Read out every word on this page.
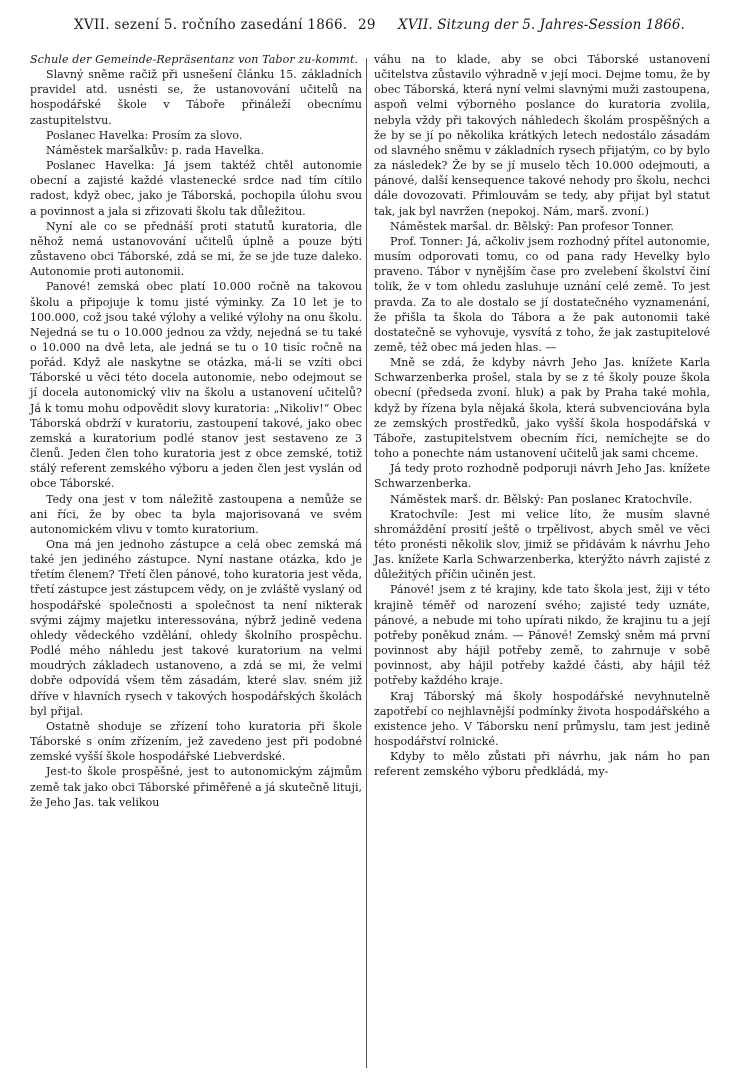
XVII. sezení 5. ročního zasedání 1866. 29 XVII. Sitzung der 5. Jahres-Session 1866.

Schule der Gemeinde-Repräsentanz von Tabor zu-kommt.

Slavný sněme račiž při usnešení článku 15. základních pravidel atd. usnésti se, že ustanovování učitelů na hospodářské škole v Táboře přináleží obecnímu zastupitelstvu.

Poslanec Havelka: Prosím za slovo.

Náměstek maršalkův: p. rada Havelka.

Poslanec Havelka: Já jsem taktéž chtěl autonomie obecní a zajisté každé vlastenecké srdce nad tím cítilo radost, když obec, jako je Táborská, pochopila úlohu svou a povinnost a jala si zřizovati školu tak důležitou.

Nyní ale co se přednáší proti statutů kuratoria, dle něhož nemá ustanovování učitelů úplně a pouze býti zůstaveno obci Táborské, zdá se mi, že se jde tuze daleko. Autonomie proti autonomii.

Panové! zemská obec platí 10.000 ročně na takovou školu a připojuje k tomu jisté výminky. Za 10 let je to 100.000, což jsou také výlohy a veliké výlohy na onu školu. Nejedná se tu o 10.000 jednou za vždy, nejedná se tu také o 10.000 na dvě leta, ale jedná se tu o 10 tisíc ročně na pořád. Když ale naskytne se otázka, má-li se vzíti obci Táborské u věci této docela autonomie, nebo odejmout se jí docela autonomický vliv na školu a ustanovení učitelů? Já k tomu mohu odpovědit slovy kuratoria: „Nikoliv!“ Obec Táborská obdrží v kuratoriu, zastoupení takové, jako obec zemská a kuratorium podlé stanov jest sestaveno ze 3 členů. Jeden člen toho kuratoria jest z obce zemské, totiž stálý referent zemského výboru a jeden člen jest vyslán od obce Táborské.

Tedy ona jest v tom náležitě zastoupena a nemůže se ani říci, že by obec ta byla majorisovaná ve svém autonomickém vlivu v tomto kuratorium.

Ona má jen jednoho zástupce a celá obec zemská má také jen jediného zástupce. Nyní nastane otázka, kdo je třetím členem? Třetí člen pánové, toho kuratoria jest věda, třetí zástupce jest zástupcem vědy, on je zvláště vyslaný od hospodářské společnosti a společnost ta není nikterak svými zájmy majetku interessována, nýbrž jedině vedena ohledy vědeckého vzdělání, ohledy školního prospěchu. Podlé mého náhledu jest takové kuratorium na velmi moudrých základech ustanoveno, a zdá se mi, že velmi dobře odpovídá všem těm zásadám, které slav. sném již dříve v hlavních rysech v takových hospodářských školách byl přijal.

Ostatně shoduje se zřízení toho kuratoria při škole Táborské s oním zřízením, jež zavedeno jest při podobné zemské vyšší škole hospodářské Liebverdské.

Jest-to škole prospěšné, jest to autonomickým zájmům země tak jako obci Táborské přiměřené a já skutečně lituji, že Jeho Jas. tak velikou

váhu na to klade, aby se obci Táborské ustanovení učitelstva zůstavilo výhradně v její moci. Dejme tomu, že by obec Táborská, která nyní velmi slavnými muži zastoupena, aspoň velmi výborného poslance do kuratoria zvolila, nebyla vždy při takových náhledech školám prospěšných a že by se jí po několika krátkých letech nedostálo zásadám od slavného sněmu v základních rysech přijatým, co by bylo za následek? Že by se jí muselo těch 10.000 odejmouti, a pánové, další kensequence takové nehody pro školu, nechci dále dovozovati. Přimlouvám se tedy, aby přijat byl statut tak, jak byl navržen (nepokoj. Nám, marš. zvoní.)

Náměstek maršal. dr. Bělský: Pan profesor Tonner.

Prof. Tonner: Já, ačkoliv jsem rozhodný přítel autonomie, musím odporovati tomu, co od pana rady Hevelky bylo praveno. Tábor v nynějším čase pro zvelebení školství činí tolik, že v tom ohledu zasluhuje uznání celé země. To jest pravda. Za to ale dostalo se jí dostatečného vyznamenání, že přišla ta škola do Tábora a že pak autonomii také dostatečně se vyhovuje, vysvítá z toho, že jak zastupitelové země, též obec má jeden hlas. —

Mně se zdá, že kdyby návrh Jeho Jas. knížete Karla Schwarzenberka prošel, stala by se z té školy pouze škola obecní (předseda zvoní. hluk) a pak by Praha také mohla, když by řízena byla nějaká škola, která subvenciována byla ze zemských prostředků, jako vyšší škola hospodářská v Táboře, zastupitelstvem obecním říci, nemíchejte se do toho a ponechte nám ustanovení učitelů jak sami chceme.

Já tedy proto rozhodně podporuji návrh Jeho Jas. knížete Schwarzenberka.

Náměstek marš. dr. Bělský: Pan poslanec Kratochvíle.

Kratochvíle: Jest mi velice líto, že musím slavné shromáždění prosití ještě o trpělivost, abych směl ve věci této pronésti několik slov, jimiž se přidávám k návrhu Jeho Jas. knížete Karla Schwarzenberka, kterýžto návrh zajisté z důležitých příčin učiněn jest.

Pánové! jsem z té krajiny, kde tato škola jest, žiji v této krajině téměř od narození svého; zajisté tedy uznáte, pánové, a nebude mi toho upírati nikdo, že krajinu tu a její potřeby poněkud znám. — Pánové! Zemský sněm má první povinnost aby hájil potřeby země, to zahrnuje v sobě povinnost, aby hájil potřeby každé části, aby hájil též potřeby každého kraje.

Kraj Táborský má školy hospodářské nevyhnutelně zapotřebí co nejhlavnější podmínky života hospodářského a existence jeho. V Táborsku není průmyslu, tam jest jedině hospodářství rolnické.

Kdyby to mělo zůstati při návrhu, jak nám ho pan referent zemského výboru předkládá, my-
